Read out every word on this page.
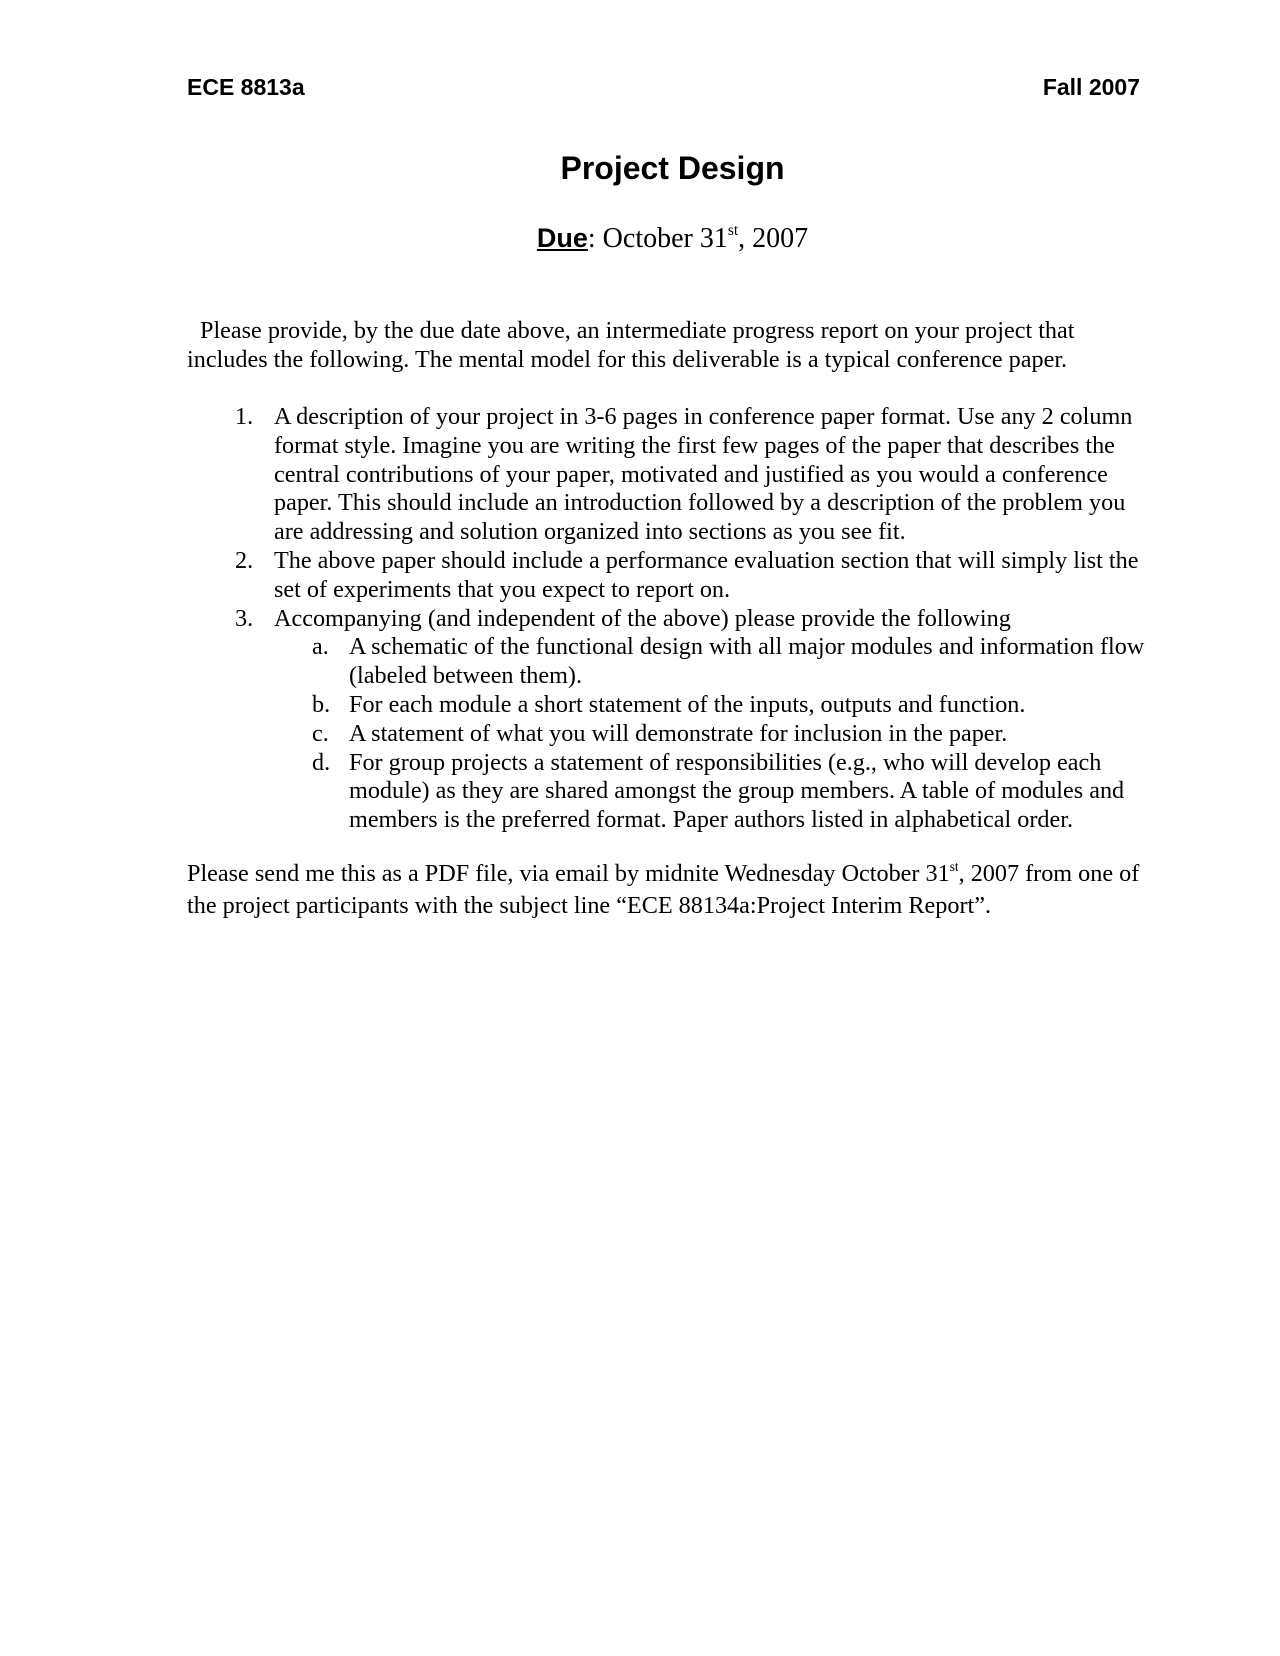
ECE 8813a	Fall 2007
Project Design
Due: October 31st, 2007
Please provide, by the due date above, an intermediate progress report on your project that
includes the following. The mental model for this deliverable is a typical conference paper.
1. A description of your project in 3-6 pages in conference paper format. Use any 2 column format style. Imagine you are writing the first few pages of the paper that describes the central contributions of your paper, motivated and justified as you would a conference paper. This should include an introduction followed by a description of the problem you are addressing and solution organized into sections as you see fit.
2. The above paper should include a performance evaluation section that will simply list the set of experiments that you expect to report on.
3. Accompanying (and independent of the above) please provide the following
a. A schematic of the functional design with all major modules and information flow (labeled between them).
b. For each module a short statement of the inputs, outputs and function.
c. A statement of what you will demonstrate for inclusion in the paper.
d. For group projects a statement of responsibilities (e.g., who will develop each module) as they are shared amongst the group members. A table of modules and members is the preferred format. Paper authors listed in alphabetical order.
Please send me this as a PDF file, via email by midnite Wednesday October 31st, 2007 from one of the project participants with the subject line “ECE 88134a:Project Interim Report”.
